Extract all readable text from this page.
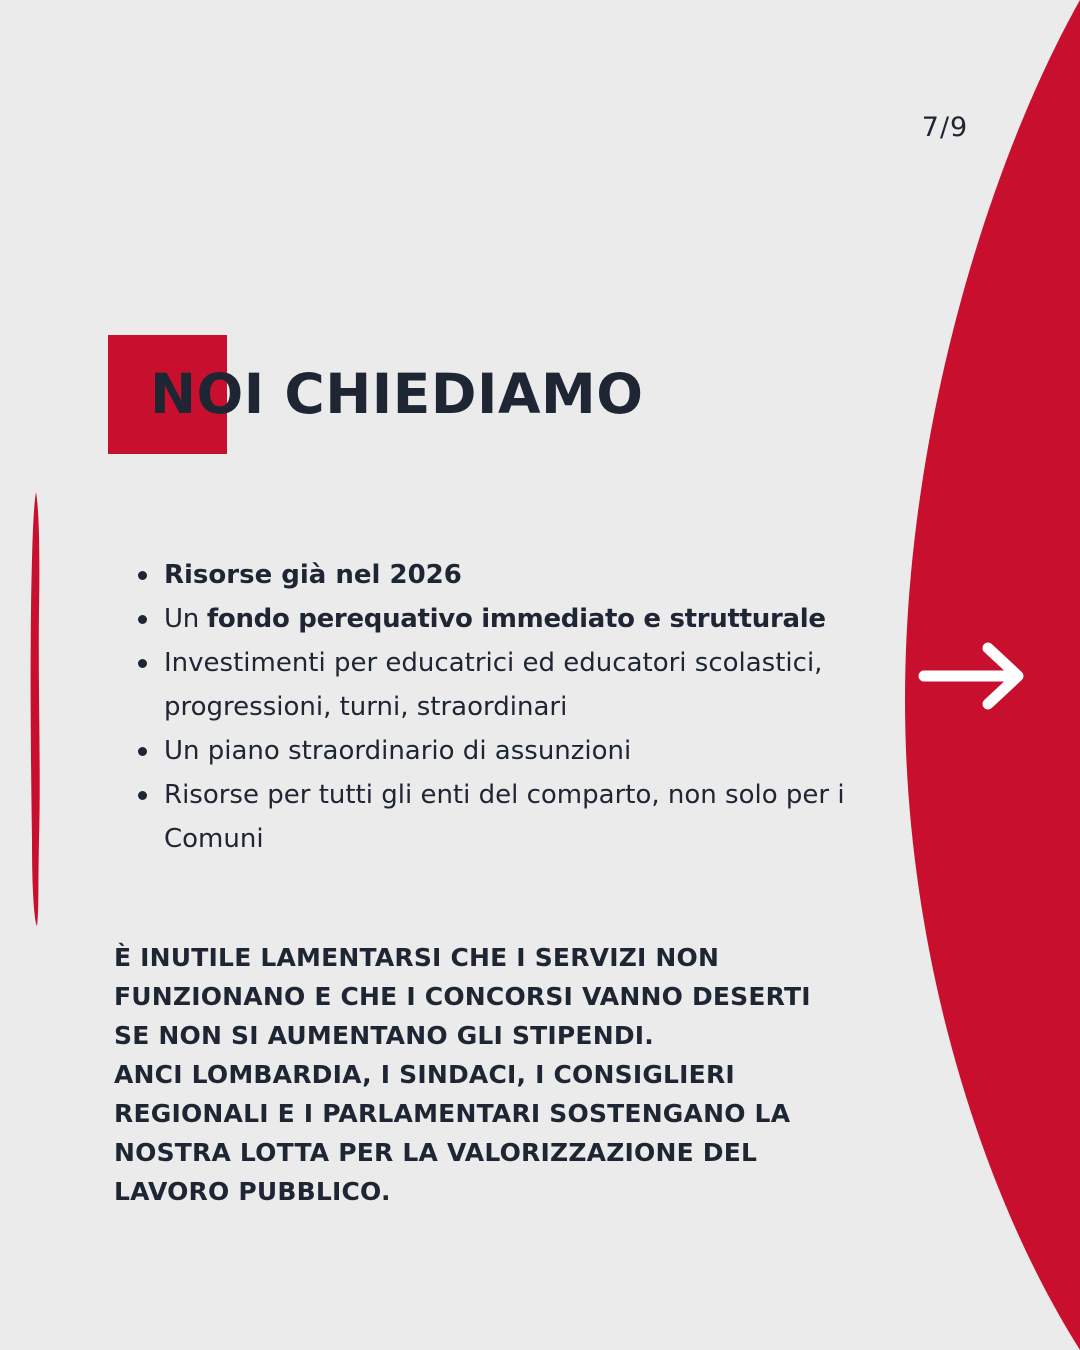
7/9
NOI CHIEDIAMO
Risorse già nel 2026
Un fondo perequativo immediato e strutturale
Investimenti per educatrici ed educatori scolastici, progressioni, turni, straordinari
Un piano straordinario di assunzioni
Risorse per tutti gli enti del comparto, non solo per i Comuni

È INUTILE LAMENTARSI CHE I SERVIZI NON
FUNZIONANO E CHE I CONCORSI VANNO DESERTI
SE NON SI AUMENTANO GLI STIPENDI.
ANCI LOMBARDIA, I SINDACI, I CONSIGLIERI
REGIONALI E I PARLAMENTARI SOSTENGANO LA
NOSTRA LOTTA PER LA VALORIZZAZIONE DEL
LAVORO PUBBLICO.
